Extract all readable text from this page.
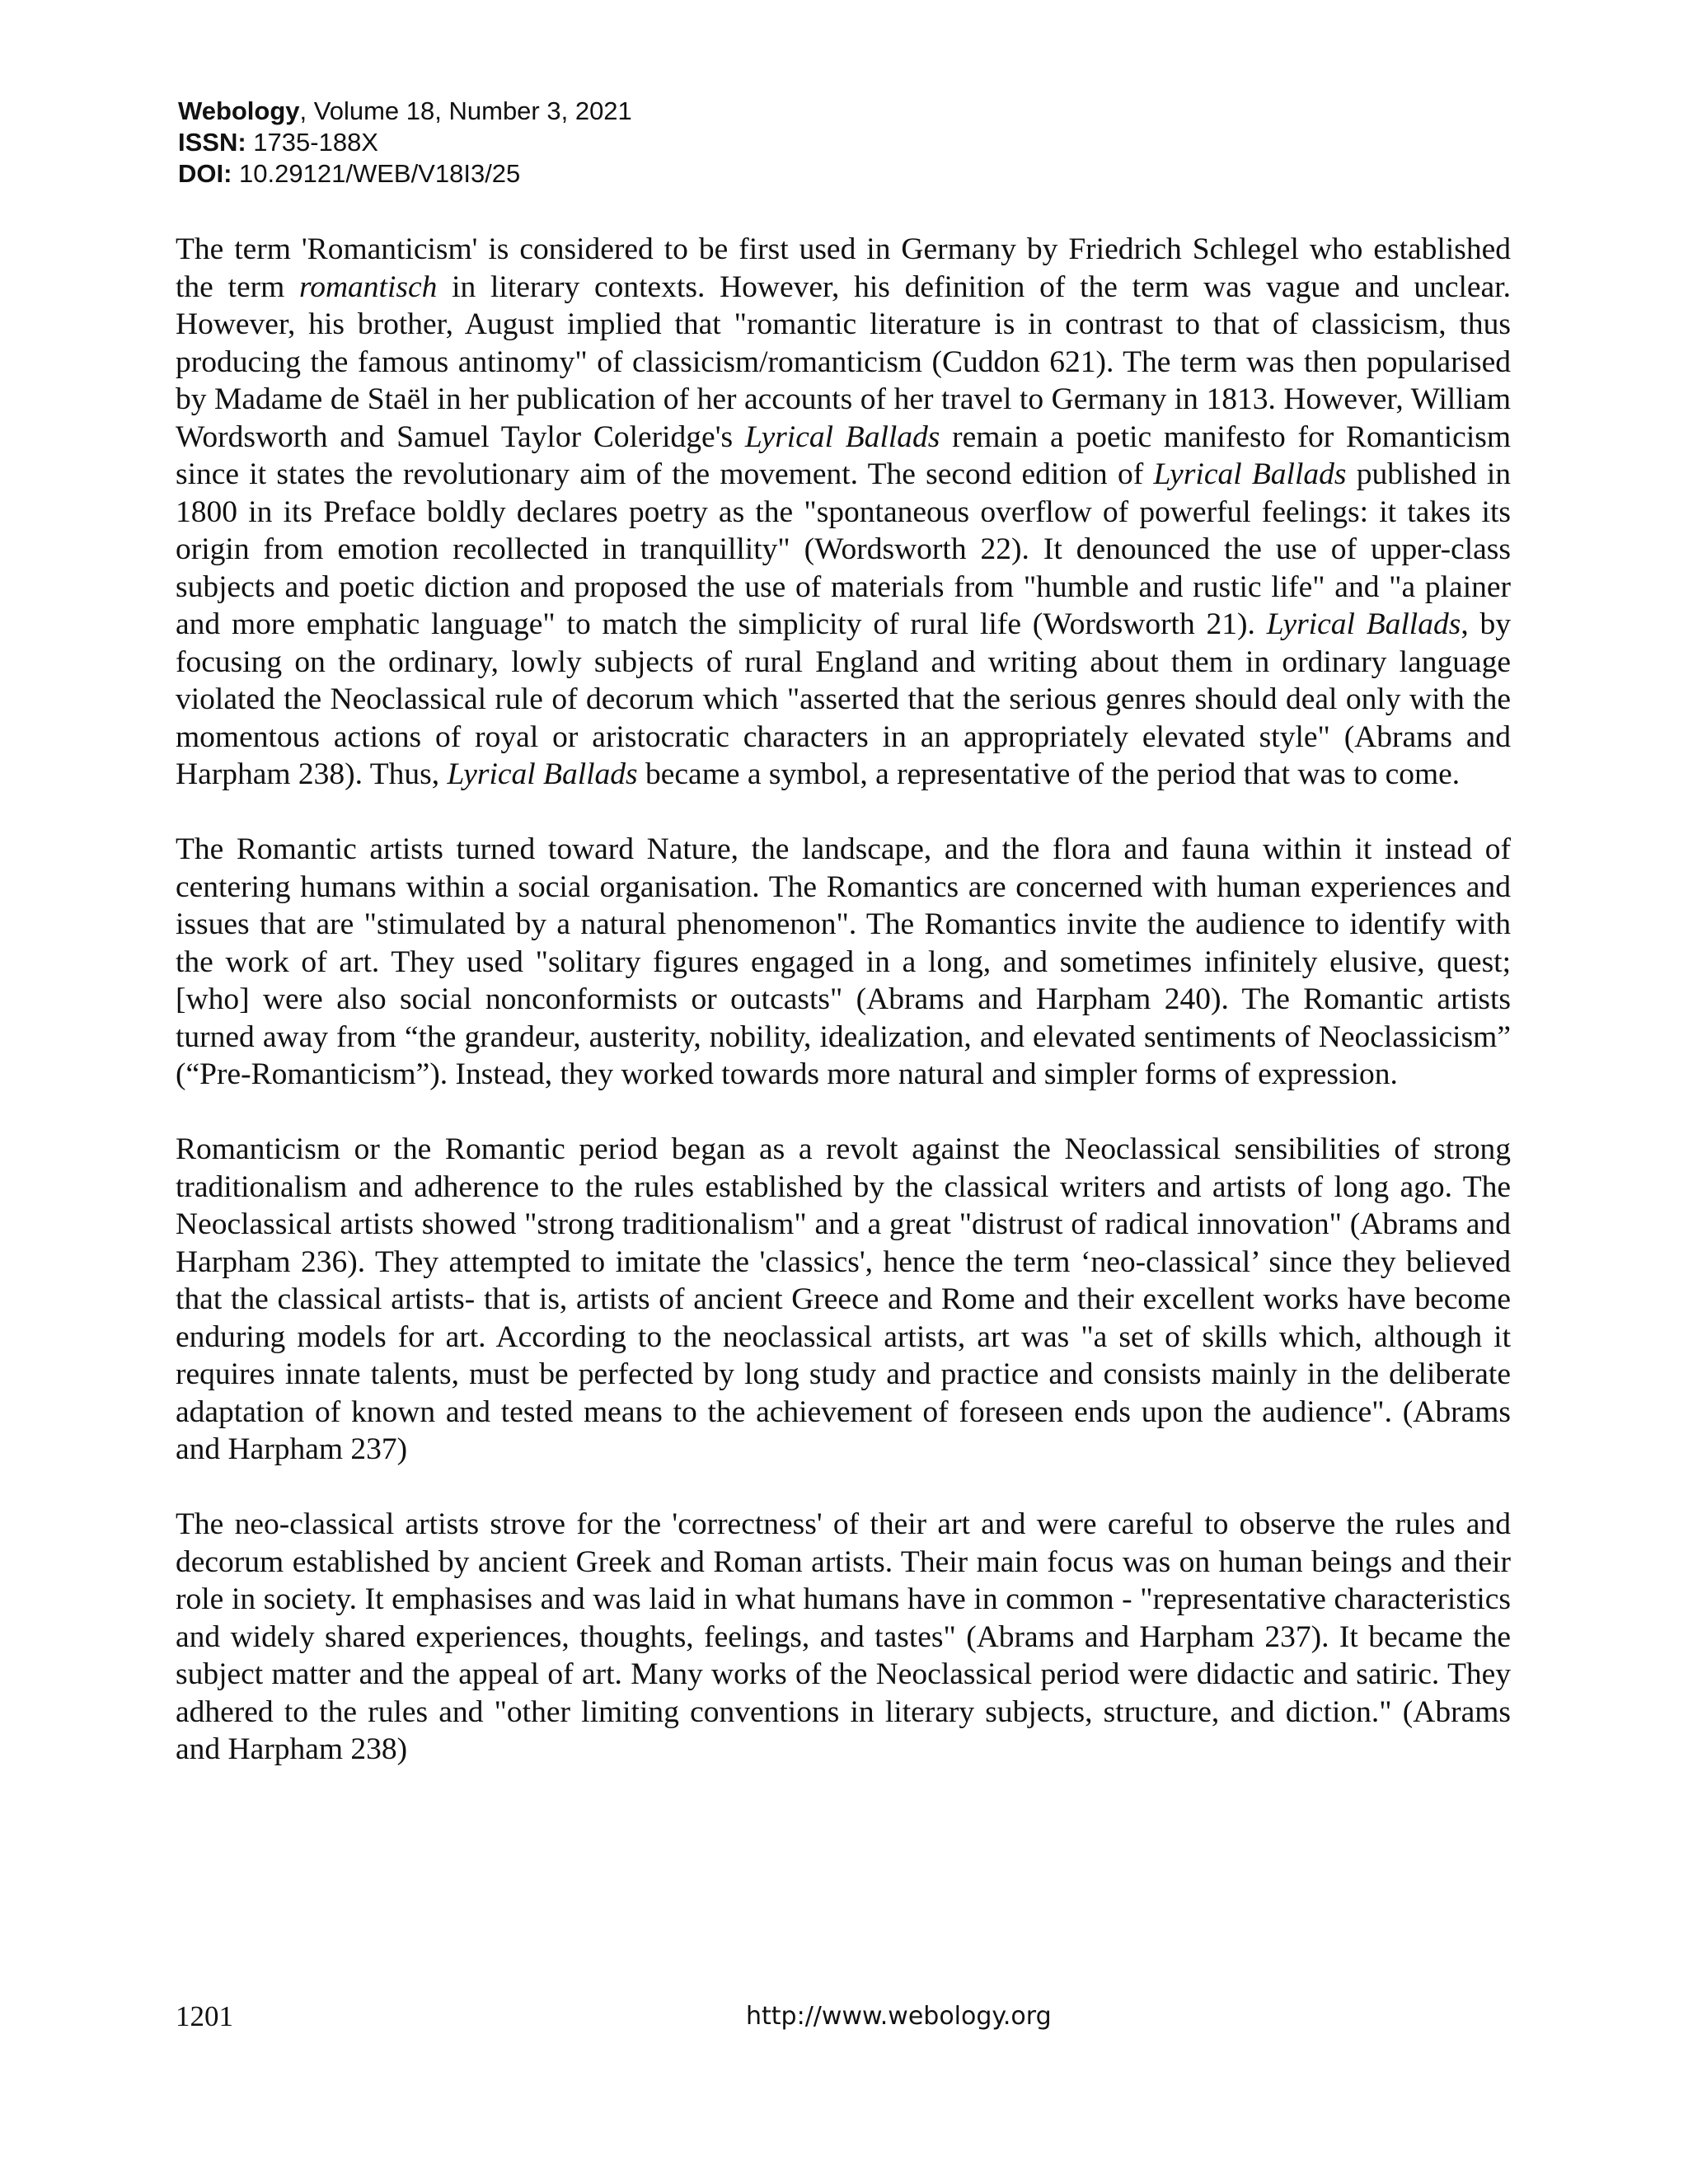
Webology, Volume 18, Number 3, 2021
ISSN: 1735-188X
DOI: 10.29121/WEB/V18I3/25

The term 'Romanticism' is considered to be first used in Germany by Friedrich Schlegel who established the term romantisch in literary contexts. However, his definition of the term was vague and unclear. However, his brother, August implied that "romantic literature is in contrast to that of classicism, thus producing the famous antinomy" of classicism/romanticism (Cuddon 621). The term was then popularised by Madame de Staël in her publication of her accounts of her travel to Germany in 1813. However, William Wordsworth and Samuel Taylor Coleridge's Lyrical Ballads remain a poetic manifesto for Romanticism since it states the revolutionary aim of the movement. The second edition of Lyrical Ballads published in 1800 in its Preface boldly declares poetry as the "spontaneous overflow of powerful feelings: it takes its origin from emotion recollected in tranquillity" (Wordsworth 22). It denounced the use of upper-class subjects and poetic diction and proposed the use of materials from "humble and rustic life" and "a plainer and more emphatic language" to match the simplicity of rural life (Wordsworth 21). Lyrical Ballads, by focusing on the ordinary, lowly subjects of rural England and writing about them in ordinary language violated the Neoclassical rule of decorum which "asserted that the serious genres should deal only with the momentous actions of royal or aristocratic characters in an appropriately elevated style" (Abrams and Harpham 238). Thus, Lyrical Ballads became a symbol, a representative of the period that was to come.

The Romantic artists turned toward Nature, the landscape, and the flora and fauna within it instead of centering humans within a social organisation. The Romantics are concerned with human experiences and issues that are "stimulated by a natural phenomenon". The Romantics invite the audience to identify with the work of art. They used "solitary figures engaged in a long, and sometimes infinitely elusive, quest; [who] were also social nonconformists or outcasts" (Abrams and Harpham 240). The Romantic artists turned away from “the grandeur, austerity, nobility, idealization, and elevated sentiments of Neoclassicism” (“Pre-Romanticism”). Instead, they worked towards more natural and simpler forms of expression.

Romanticism or the Romantic period began as a revolt against the Neoclassical sensibilities of strong traditionalism and adherence to the rules established by the classical writers and artists of long ago. The Neoclassical artists showed "strong traditionalism" and a great "distrust of radical innovation" (Abrams and Harpham 236). They attempted to imitate the 'classics', hence the term ‘neo-classical’ since they believed that the classical artists- that is, artists of ancient Greece and Rome and their excellent works have become enduring models for art. According to the neoclassical artists, art was "a set of skills which, although it requires innate talents, must be perfected by long study and practice and consists mainly in the deliberate adaptation of known and tested means to the achievement of foreseen ends upon the audience". (Abrams and Harpham 237)

The neo-classical artists strove for the 'correctness' of their art and were careful to observe the rules and decorum established by ancient Greek and Roman artists. Their main focus was on human beings and their role in society. It emphasises and was laid in what humans have in common - "representative characteristics and widely shared experiences, thoughts, feelings, and tastes" (Abrams and Harpham 237). It became the subject matter and the appeal of art. Many works of the Neoclassical period were didactic and satiric. They adhered to the rules and "other limiting conventions in literary subjects, structure, and diction." (Abrams and Harpham 238)

1201	http://www.webology.org
